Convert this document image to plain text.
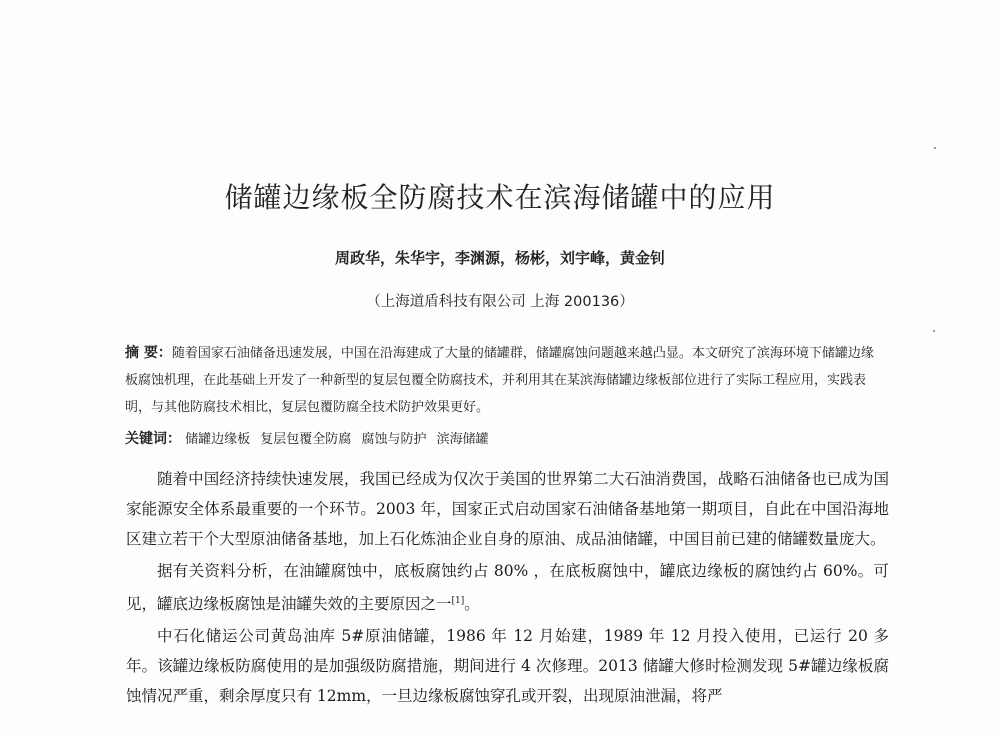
储罐边缘板全防腐技术在滨海储罐中的应用
周政华，朱华宇，李渊源，杨彬，刘宇峰，黄金钊
（上海道盾科技有限公司 上海 200136）
摘 要：随着国家石油储备迅速发展，中国在沿海建成了大量的储罐群，储罐腐蚀问题越来越凸显。本文研究了滨海环境下储罐边缘板腐蚀机理，在此基础上开发了一种新型的复层包覆全防腐技术，并利用其在某滨海储罐边缘板部位进行了实际工程应用，实践表明，与其他防腐技术相比，复层包覆防腐全技术防护效果更好。
关键词： 储罐边缘板 复层包覆全防腐 腐蚀与防护 滨海储罐

随着中国经济持续快速发展，我国已经成为仅次于美国的世界第二大石油消费国，战略石油储备也已成为国家能源安全体系最重要的一个环节。2003 年，国家正式启动国家石油储备基地第一期项目，自此在中国沿海地区建立若干个大型原油储备基地，加上石化炼油企业自身的原油、成品油储罐，中国目前已建的储罐数量庞大。

据有关资料分析，在油罐腐蚀中，底板腐蚀约占 80% ，在底板腐蚀中，罐底边缘板的腐蚀约占 60%。可见，罐底边缘板腐蚀是油罐失效的主要原因之一[1]。

中石化储运公司黄岛油库 5#原油储罐，1986 年 12 月始建，1989 年 12 月投入使用，已运行 20 多年。该罐边缘板防腐使用的是加强级防腐措施，期间进行 4 次修理。2013 储罐大修时检测发现 5#罐边缘板腐蚀情况严重，剩余厚度只有 12mm，一旦边缘板腐蚀穿孔或开裂，出现原油泄漏，将严
